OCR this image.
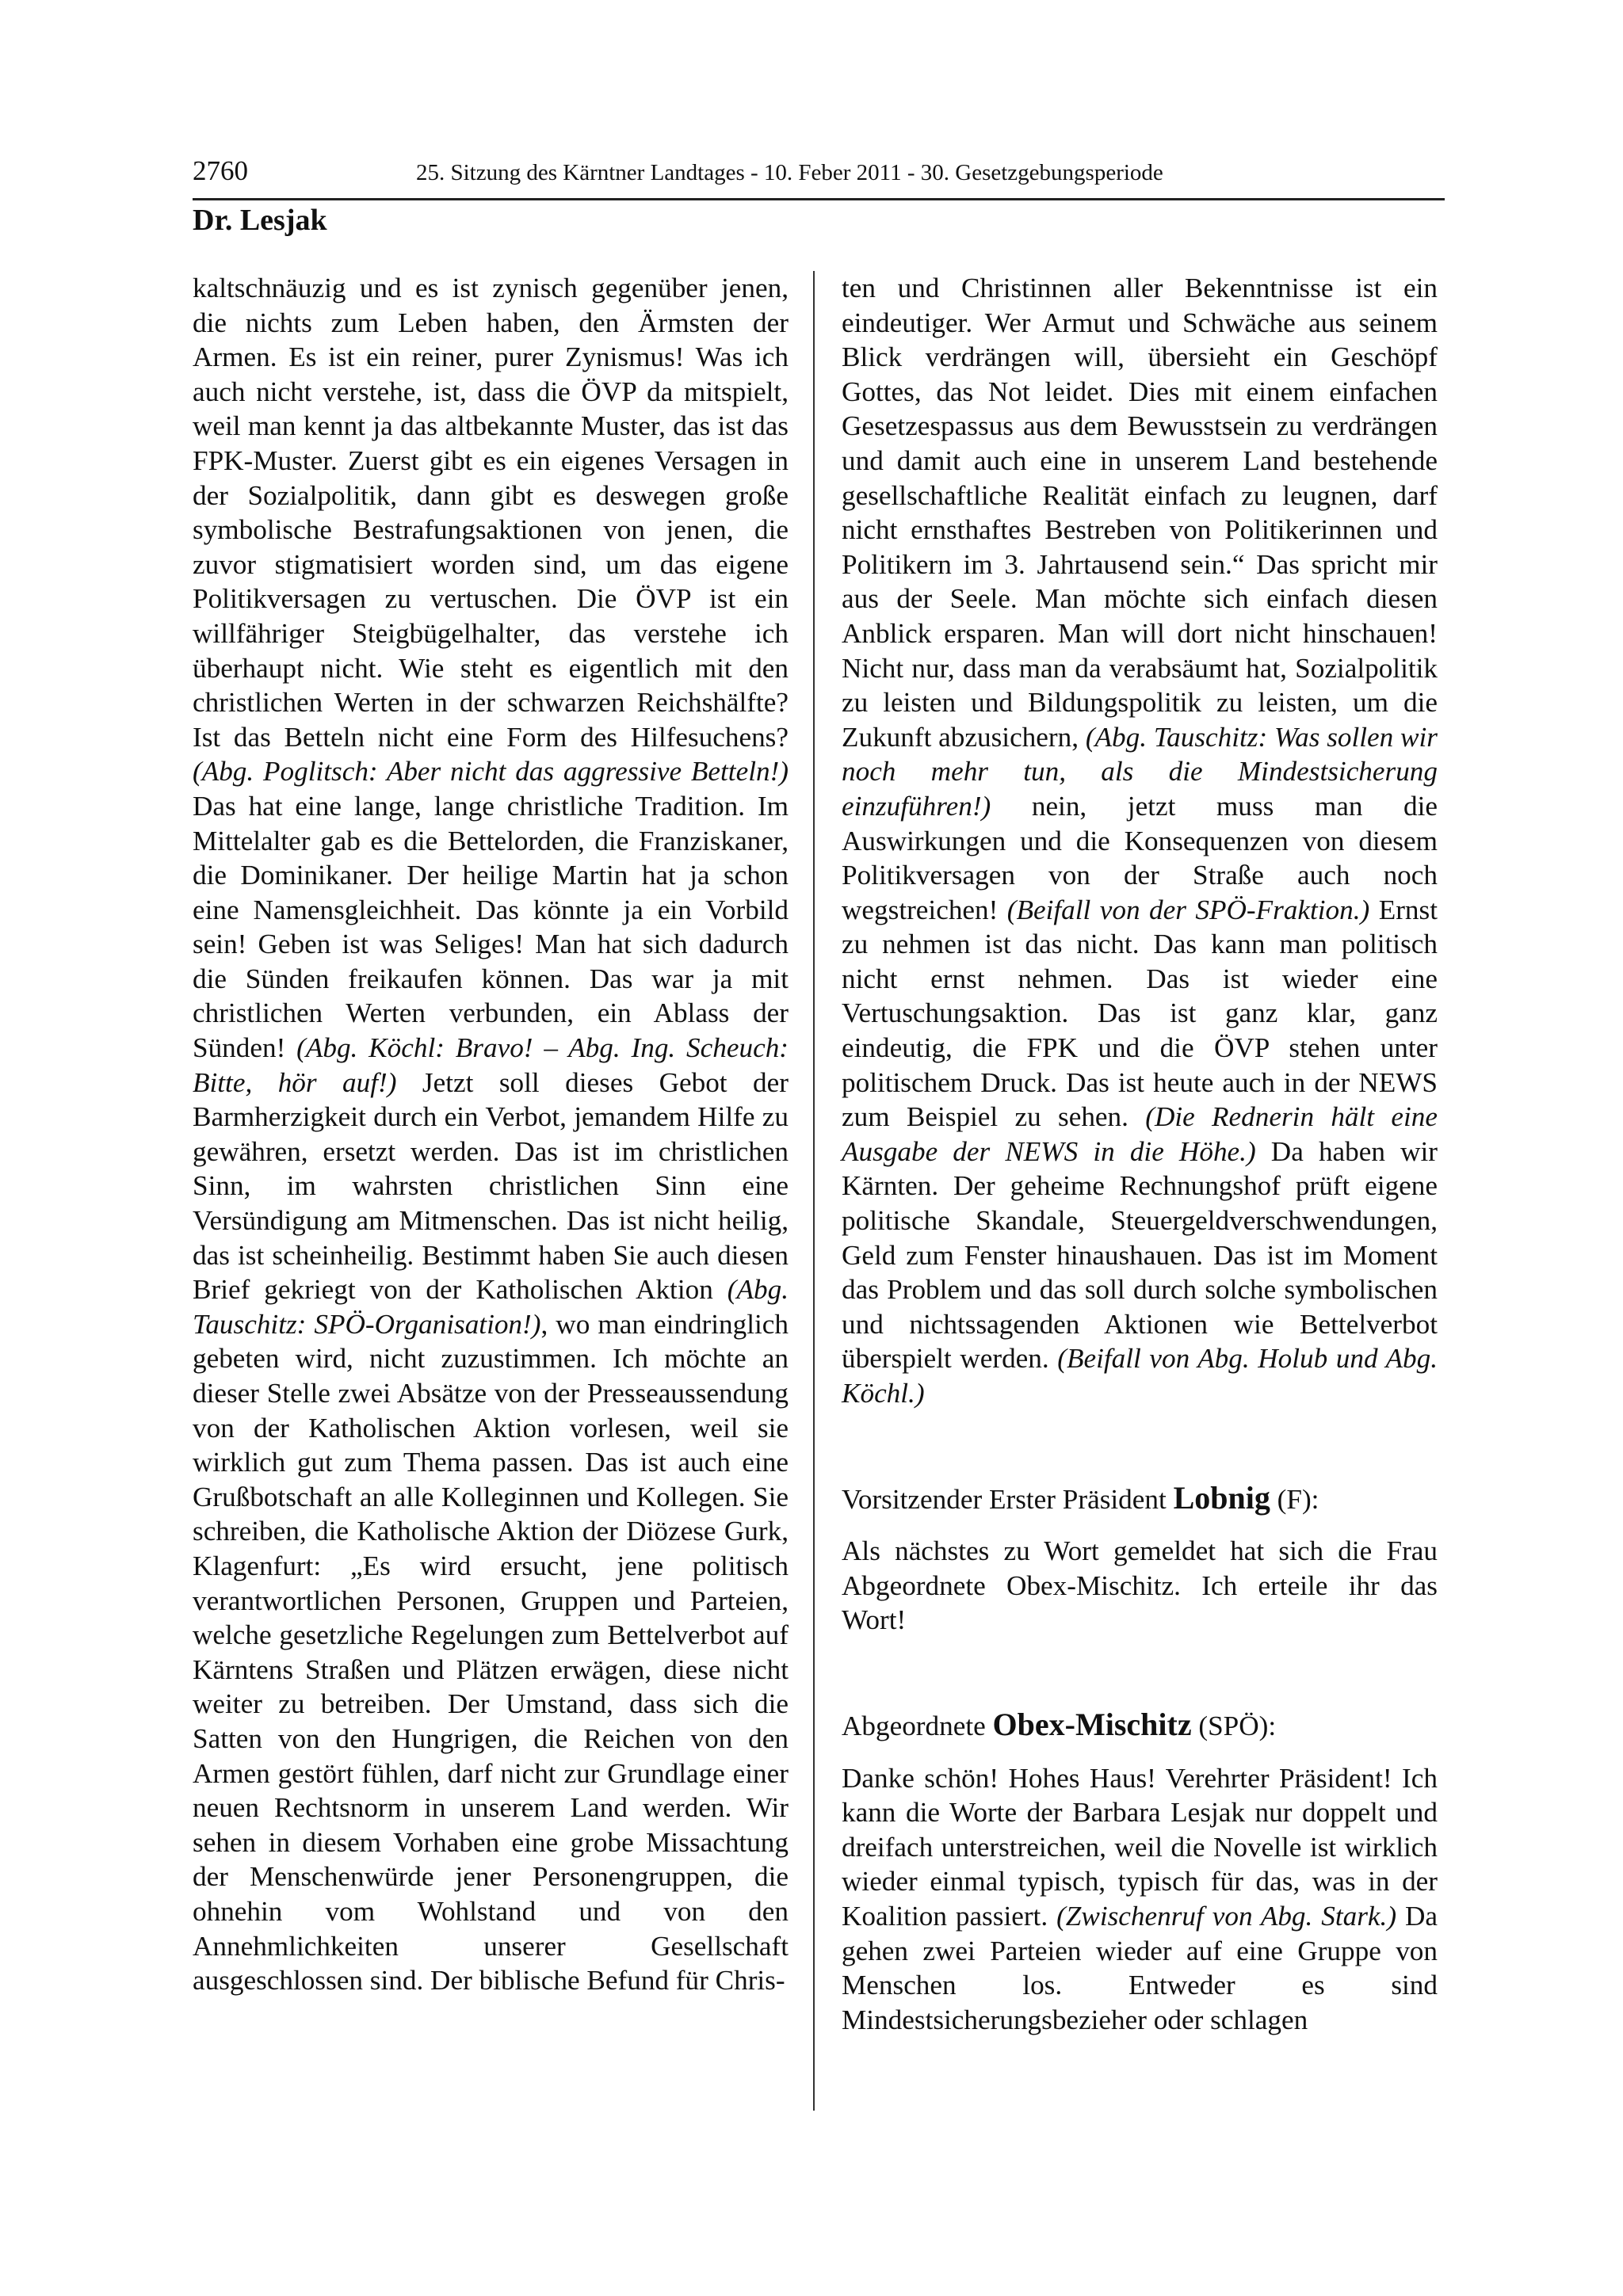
2760	25. Sitzung des Kärntner Landtages - 10. Feber 2011 - 30. Gesetzgebungsperiode
Dr. Lesjak

kaltschnäuzig und es ist zynisch gegenüber jenen, die nichts zum Leben haben, den Ärmsten der Armen. Es ist ein reiner, purer Zynismus! Was ich auch nicht verstehe, ist, dass die ÖVP da mitspielt, weil man kennt ja das altbekannte Muster, das ist das FPK-Muster. Zuerst gibt es ein eigenes Versagen in der Sozialpolitik, dann gibt es deswegen große symbolische Bestrafungsaktionen von jenen, die zuvor stigmatisiert worden sind, um das eigene Politikversagen zu vertuschen. Die ÖVP ist ein willfähriger Steigbügelhalter, das verstehe ich überhaupt nicht. Wie steht es eigentlich mit den christlichen Werten in der schwarzen Reichshälfte? Ist das Betteln nicht eine Form des Hilfesuchens? (Abg. Poglitsch: Aber nicht das aggressive Betteln!) Das hat eine lange, lange christliche Tradition. Im Mittelalter gab es die Bettelorden, die Franziskaner, die Dominikaner. Der heilige Martin hat ja schon eine Namensgleichheit. Das könnte ja ein Vorbild sein! Geben ist was Seliges! Man hat sich dadurch die Sünden freikaufen können. Das war ja mit christlichen Werten verbunden, ein Ablass der Sünden! (Abg. Köchl: Bravo! – Abg. Ing. Scheuch: Bitte, hör auf!) Jetzt soll dieses Gebot der Barmherzigkeit durch ein Verbot, jemandem Hilfe zu gewähren, ersetzt werden. Das ist im christlichen Sinn, im wahrsten christlichen Sinn eine Versündigung am Mitmenschen. Das ist nicht heilig, das ist scheinheilig. Bestimmt haben Sie auch diesen Brief gekriegt von der Katholischen Aktion (Abg. Tauschitz: SPÖ-Organisation!), wo man eindringlich gebeten wird, nicht zuzustimmen. Ich möchte an dieser Stelle zwei Absätze von der Presseaussendung von der Katholischen Aktion vorlesen, weil sie wirklich gut zum Thema passen. Das ist auch eine Grußbotschaft an alle Kolleginnen und Kollegen. Sie schreiben, die Katholische Aktion der Diözese Gurk, Klagenfurt: „Es wird ersucht, jene politisch verantwortlichen Personen, Gruppen und Parteien, welche gesetzliche Regelungen zum Bettelverbot auf Kärntens Straßen und Plätzen erwägen, diese nicht weiter zu betreiben. Der Umstand, dass sich die Satten von den Hungrigen, die Reichen von den Armen gestört fühlen, darf nicht zur Grundlage einer neuen Rechtsnorm in unserem Land werden. Wir sehen in diesem Vorhaben eine grobe Missachtung der Menschenwürde jener Personengruppen, die ohnehin vom Wohlstand und von den Annehmlichkeiten unserer Gesellschaft ausgeschlossen sind. Der biblische Befund für Chris-

ten und Christinnen aller Bekenntnisse ist ein eindeutiger. Wer Armut und Schwäche aus seinem Blick verdrängen will, übersieht ein Geschöpf Gottes, das Not leidet. Dies mit einem einfachen Gesetzespassus aus dem Bewusstsein zu verdrängen und damit auch eine in unserem Land bestehende gesellschaftliche Realität einfach zu leugnen, darf nicht ernsthaftes Bestreben von Politikerinnen und Politikern im 3. Jahrtausend sein.“ Das spricht mir aus der Seele. Man möchte sich einfach diesen Anblick ersparen. Man will dort nicht hinschauen! Nicht nur, dass man da verabsäumt hat, Sozialpolitik zu leisten und Bildungspolitik zu leisten, um die Zukunft abzusichern, (Abg. Tauschitz: Was sollen wir noch mehr tun, als die Mindestsicherung einzuführen!) nein, jetzt muss man die Auswirkungen und die Konsequenzen von diesem Politikversagen von der Straße auch noch wegstreichen! (Beifall von der SPÖ-Fraktion.) Ernst zu nehmen ist das nicht. Das kann man politisch nicht ernst nehmen. Das ist wieder eine Vertuschungsaktion. Das ist ganz klar, ganz eindeutig, die FPK und die ÖVP stehen unter politischem Druck. Das ist heute auch in der NEWS zum Beispiel zu sehen. (Die Rednerin hält eine Ausgabe der NEWS in die Höhe.) Da haben wir Kärnten. Der geheime Rechnungshof prüft eigene politische Skandale, Steuergeldverschwendungen, Geld zum Fenster hinaushauen. Das ist im Moment das Problem und das soll durch solche symbolischen und nichtssagenden Aktionen wie Bettelverbot überspielt werden. (Beifall von Abg. Holub und Abg. Köchl.)

Vorsitzender Erster Präsident Lobnig (F):

Als nächstes zu Wort gemeldet hat sich die Frau Abgeordnete Obex-Mischitz. Ich erteile ihr das Wort!

Abgeordnete Obex-Mischitz (SPÖ):

Danke schön! Hohes Haus! Verehrter Präsident! Ich kann die Worte der Barbara Lesjak nur doppelt und dreifach unterstreichen, weil die Novelle ist wirklich wieder einmal typisch, typisch für das, was in der Koalition passiert. (Zwischenruf von Abg. Stark.) Da gehen zwei Parteien wieder auf eine Gruppe von Menschen los. Entweder es sind Mindestsicherungsbezieher oder schlagen
